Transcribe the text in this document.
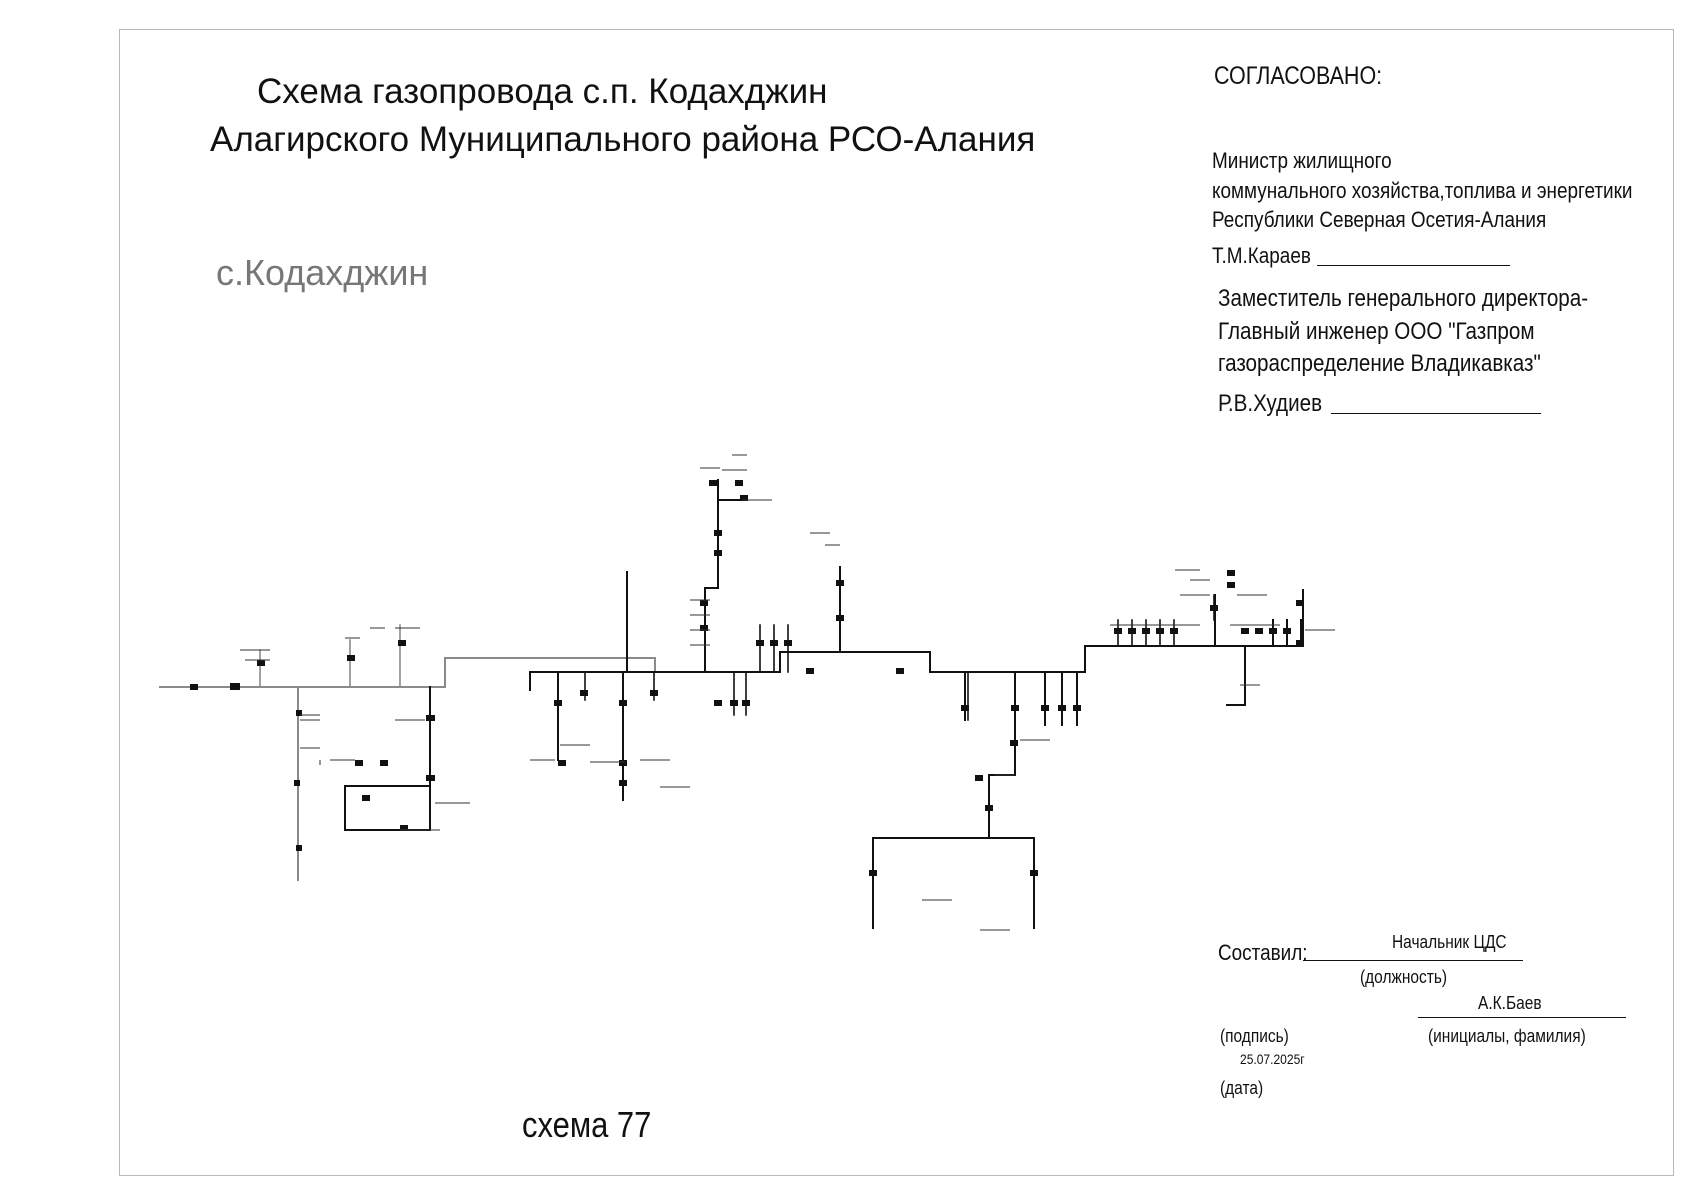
Схема газопровода с.п. Кодахджин
Алагирского Муниципального района РСО-Алания
с.Кодахджин
СОГЛАСОВАНО:
Министр жилищного
коммунального хозяйства,топлива и энергетики
Республики Северная Осетия-Алания
Т.М.Караев
Заместитель генерального директора-
Главный инженер ООО "Газпром
газораспределение Владикавказ"
Р.В.Худиев
Составил:	Начальник ЦДС
(должность)
А.К.Баев
(подпись)	(инициалы, фамилия)
25.07.2025г
(дата)
схема 77
